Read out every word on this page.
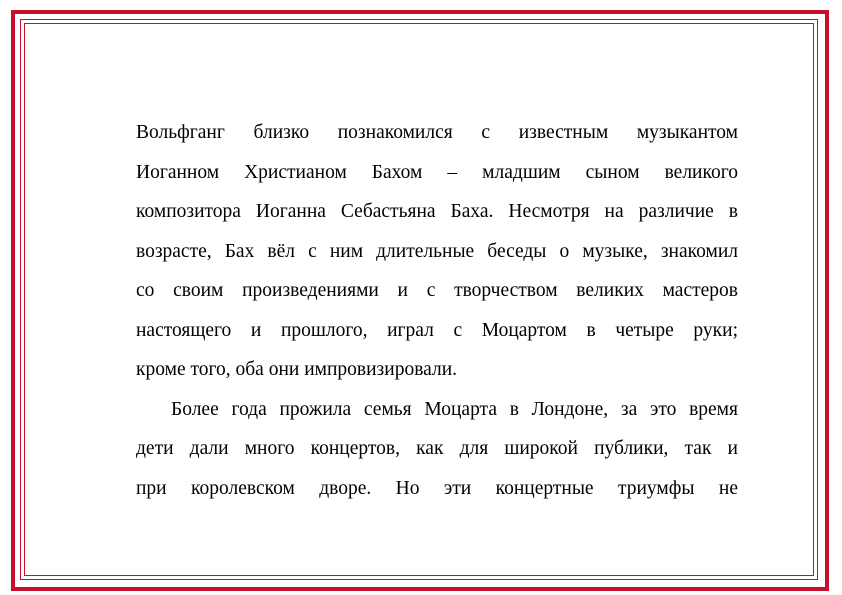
Вольфганг близко познакомился с известным музыкантом
Иоганном Христианом Бахом – младшим сыном великого
композитора Иоганна Себастьяна Баха. Несмотря на различие в
возрасте, Бах вёл с ним длительные беседы о музыке, знакомил
со своим произведениями и с творчеством великих мастеров
настоящего и прошлого, играл с Моцартом в четыре руки;
кроме того, оба они импровизировали.
Более года прожила семья Моцарта в Лондоне, за это время
дети дали много концертов, как для широкой публики, так и
при королевском дворе. Но эти концертные триумфы не
